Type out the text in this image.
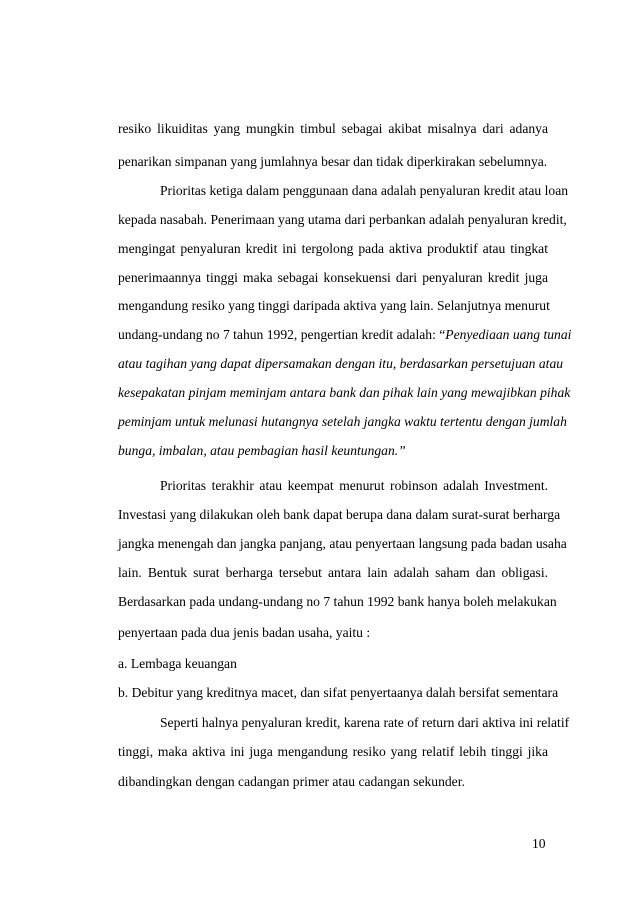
resiko likuiditas yang mungkin timbul sebagai akibat misalnya dari adanya
penarikan simpanan yang jumlahnya besar dan tidak diperkirakan sebelumnya.
Prioritas ketiga dalam penggunaan dana adalah penyaluran kredit atau loan
kepada nasabah. Penerimaan yang utama dari perbankan adalah penyaluran kredit,
mengingat penyaluran kredit ini tergolong pada aktiva produktif atau tingkat
penerimaannya tinggi maka sebagai konsekuensi dari penyaluran kredit juga
mengandung resiko yang tinggi daripada aktiva yang lain. Selanjutnya menurut
undang-undang no 7 tahun 1992, pengertian kredit adalah: “Penyediaan uang tunai
atau tagihan yang dapat dipersamakan dengan itu, berdasarkan persetujuan atau
kesepakatan pinjam meminjam antara bank dan pihak lain yang mewajibkan pihak
peminjam untuk melunasi hutangnya setelah jangka waktu tertentu dengan jumlah
bunga, imbalan, atau pembagian hasil keuntungan.”
Prioritas terakhir atau keempat menurut robinson adalah Investment.
Investasi yang dilakukan oleh bank dapat berupa dana dalam surat-surat berharga
jangka menengah dan jangka panjang, atau penyertaan langsung pada badan usaha
lain. Bentuk surat berharga tersebut antara lain adalah saham dan obligasi.
Berdasarkan pada undang-undang no 7 tahun 1992 bank hanya boleh melakukan
penyertaan pada dua jenis badan usaha, yaitu :
a. Lembaga keuangan
b. Debitur yang kreditnya macet, dan sifat penyertaanya dalah bersifat sementara
Seperti halnya penyaluran kredit, karena rate of return dari aktiva ini relatif
tinggi, maka aktiva ini juga mengandung resiko yang relatif lebih tinggi jika
dibandingkan dengan cadangan primer atau cadangan sekunder.
10
